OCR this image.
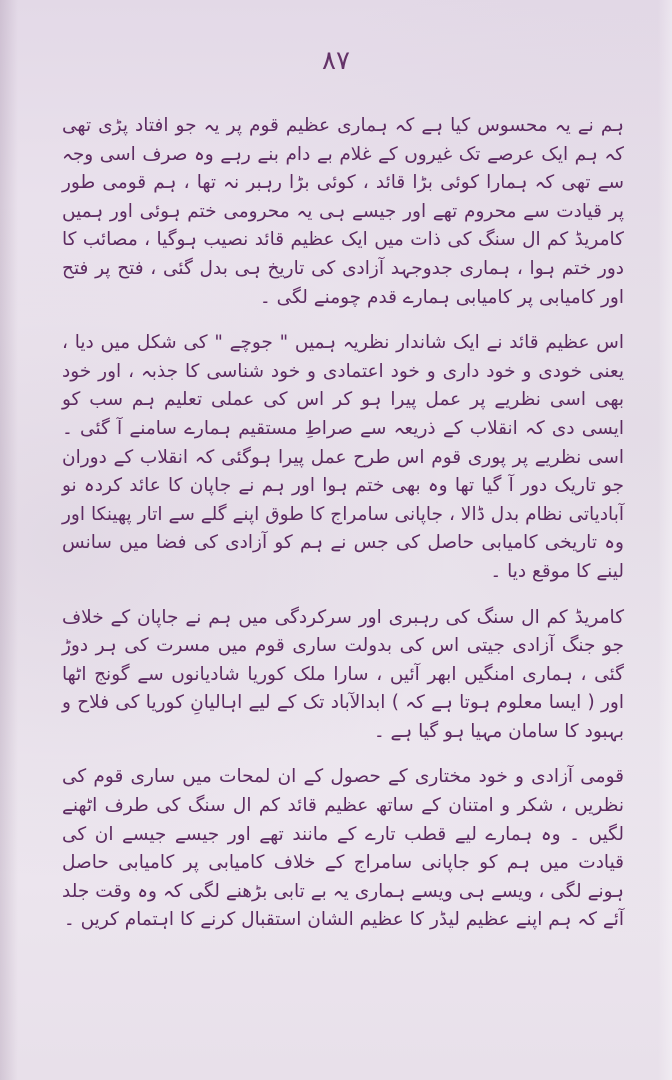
۸۷

ہم نے یہ محسوس کیا ہے کہ ہماری عظیم قوم پر یہ جو افتاد پڑی تھی کہ ہم ایک عرصے تک غیروں کے غلام بے دام بنے رہے وہ صرف اسی وجہ سے تھی کہ ہمارا کوئی بڑا قائد ، کوئی بڑا رہبر نہ تھا ، ہم قومی طور پر قیادت سے محروم تھے اور جیسے ہی یہ محرومی ختم ہوئی اور ہمیں کامریڈ کم ال سنگ کی ذات میں ایک عظیم قائد نصیب ہوگیا ، مصائب کا دور ختم ہوا ، ہماری جدوجہد آزادی کی تاریخ ہی بدل گئی ، فتح پر فتح اور کامیابی پر کامیابی ہمارے قدم چومنے لگی ۔

اس عظیم قائد نے ایک شاندار نظریہ ہمیں " جوچے " کی شکل میں دیا ، یعنی خودی و خود داری و خود اعتمادی و خود شناسی کا جذبہ ، اور خود بھی اسی نظریے پر عمل پیرا ہو کر اس کی عملی تعلیم ہم سب کو ایسی دی کہ انقلاب کے ذریعہ سے صراطِ مستقیم ہمارے سامنے آ گئی ۔ اسی نظریے پر پوری قوم اس طرح عمل پیرا ہوگئی کہ انقلاب کے دوران جو تاریک دور آ گیا تھا وہ بھی ختم ہوا اور ہم نے جاپان کا عائد کردہ نو آبادیاتی نظام بدل ڈالا ، جاپانی سامراج کا طوق اپنے گلے سے اتار پھینکا اور وہ تاریخی کامیابی حاصل کی جس نے ہم کو آزادی کی فضا میں سانس لینے کا موقع دیا ۔

کامریڈ کم ال سنگ کی رہبری اور سرکردگی میں ہم نے جاپان کے خلاف جو جنگ آزادی جیتی اس کی بدولت ساری قوم میں مسرت کی ہر دوڑ گئی ، ہماری امنگیں ابھر آئیں ، سارا ملک کوریا شادیانوں سے گونج اٹھا اور ( ایسا معلوم ہوتا ہے کہ ) ابدالآباد تک کے لیے اہالیانِ کوریا کی فلاح و بہبود کا سامان مہیا ہو گیا ہے ۔

قومی آزادی و خود مختاری کے حصول کے ان لمحات میں ساری قوم کی نظریں ، شکر و امتنان کے ساتھ عظیم قائد کم ال سنگ کی طرف اٹھنے لگیں ۔ وہ ہمارے لیے قطب تارے کے مانند تھے اور جیسے جیسے ان کی قیادت میں ہم کو جاپانی سامراج کے خلاف کامیابی پر کامیابی حاصل ہونے لگی ، ویسے ہی ویسے ہماری یہ بے تابی بڑھنے لگی کہ وہ وقت جلد آئے کہ ہم اپنے عظیم لیڈر کا عظیم الشان استقبال کرنے کا اہتمام کریں ۔
